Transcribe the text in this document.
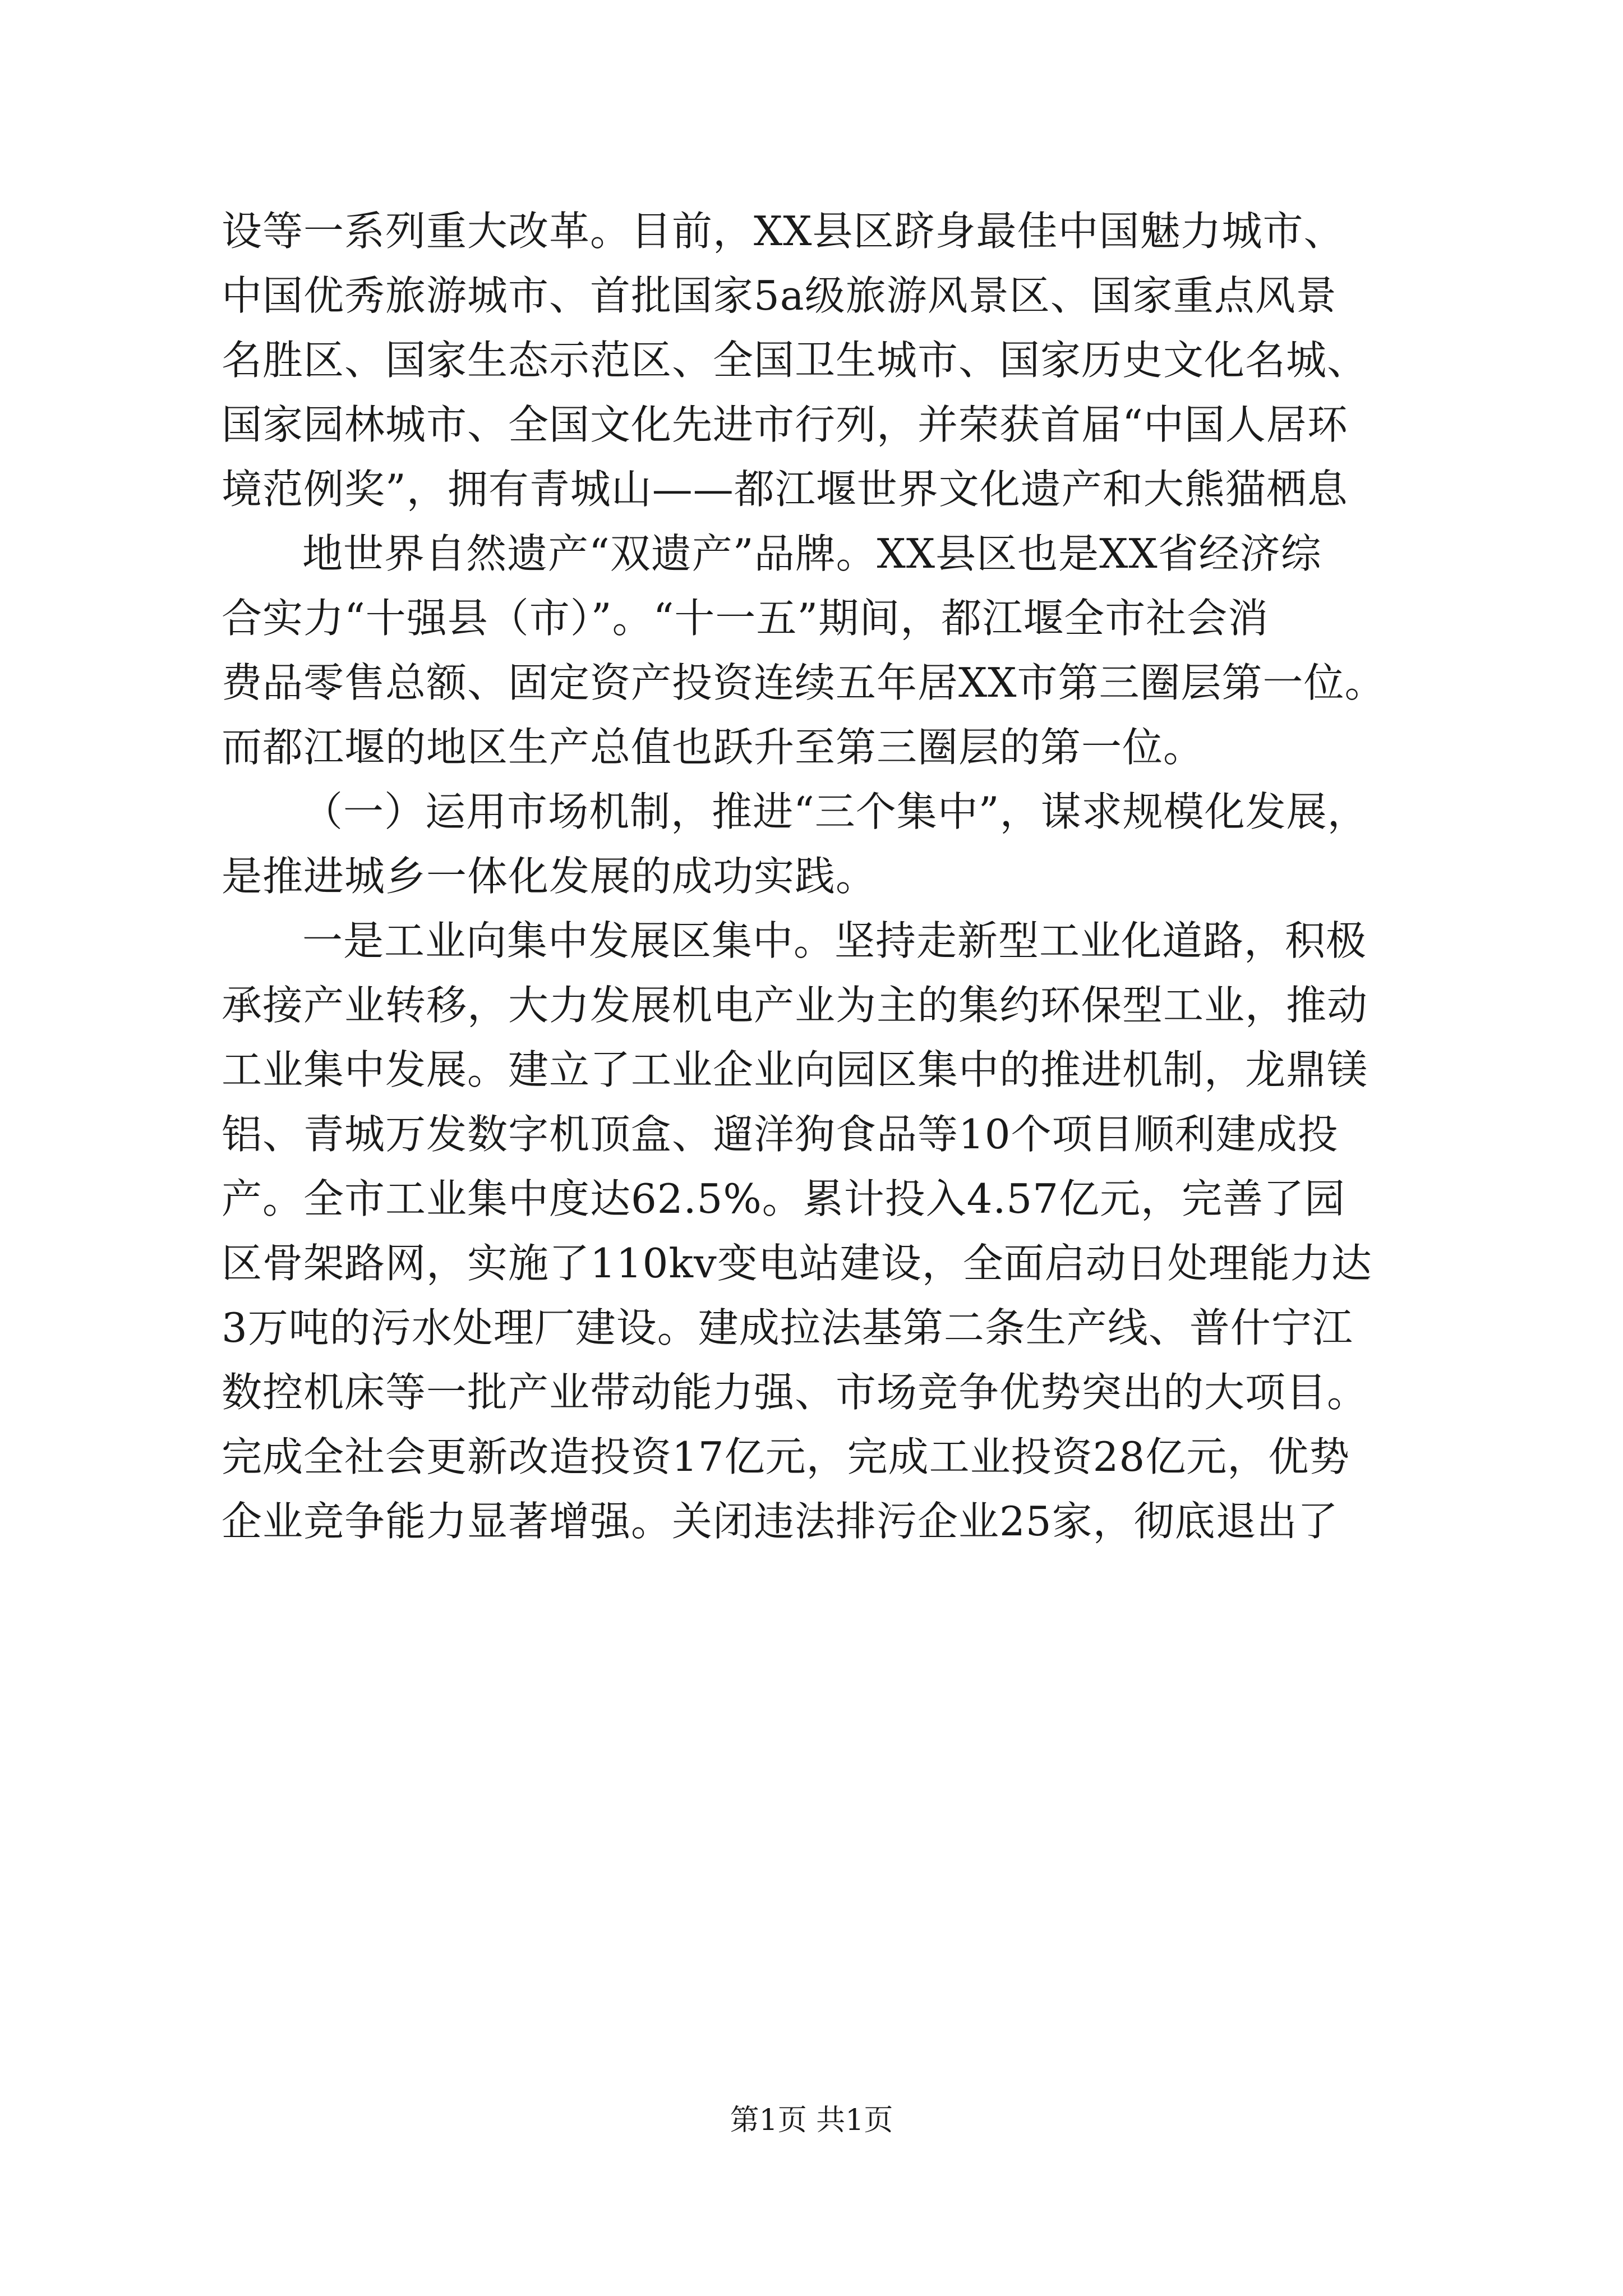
设等一系列重大改革。目前，XX县区跻身最佳中国魅力城市、
中国优秀旅游城市、首批国家5a级旅游风景区、国家重点风景
名胜区、国家生态示范区、全国卫生城市、国家历史文化名城、
国家园林城市、全国文化先进市行列，并荣获首届“中国人居环
境范例奖”，拥有青城山——都江堰世界文化遗产和大熊猫栖息
地世界自然遗产“双遗产”品牌。XX县区也是XX省经济综
合实力“十强县（市）”。“十一五”期间，都江堰全市社会消
费品零售总额、固定资产投资连续五年居XX市第三圈层第一位。
而都江堰的地区生产总值也跃升至第三圈层的第一位。
（一）运用市场机制，推进“三个集中”，谋求规模化发展，
是推进城乡一体化发展的成功实践。
一是工业向集中发展区集中。坚持走新型工业化道路，积极
承接产业转移，大力发展机电产业为主的集约环保型工业，推动
工业集中发展。建立了工业企业向园区集中的推进机制，龙鼎镁
铝、青城万发数字机顶盒、遛洋狗食品等10个项目顺利建成投
产。全市工业集中度达62.5%。累计投入4.57亿元，完善了园
区骨架路网，实施了110kv变电站建设，全面启动日处理能力达
3万吨的污水处理厂建设。建成拉法基第二条生产线、普什宁江
数控机床等一批产业带动能力强、市场竞争优势突出的大项目。
完成全社会更新改造投资17亿元，完成工业投资28亿元，优势
企业竞争能力显著增强。关闭违法排污企业25家，彻底退出了
第1页 共1页
